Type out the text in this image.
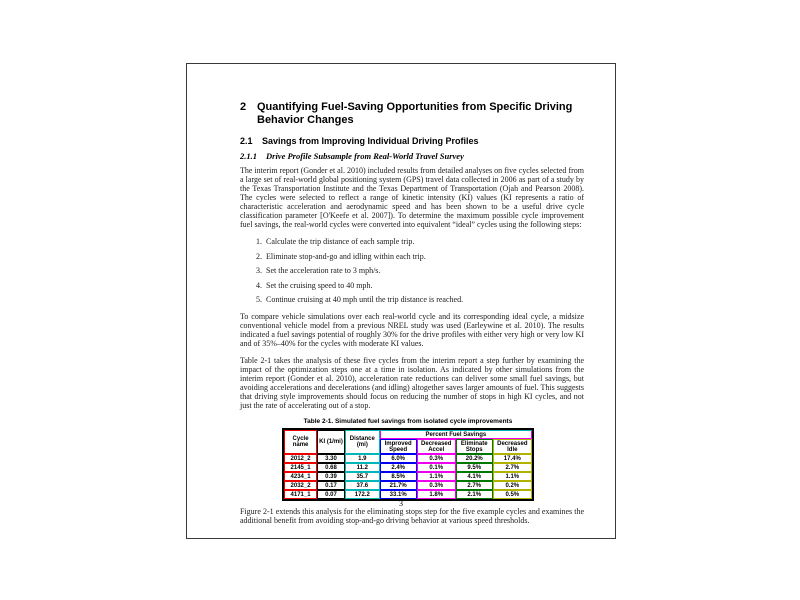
2 Quantifying Fuel-Saving Opportunities from Specific Driving Behavior Changes
2.1	Savings from Improving Individual Driving Profiles
2.1.1	Drive Profile Subsample from Real-World Travel Survey

The interim report (Gonder et al. 2010) included results from detailed analyses on five cycles selected from a large set of real-world global positioning system (GPS) travel data collected in 2006 as part of a study by the Texas Transportation Institute and the Texas Department of Transportation (Ojah and Pearson 2008). The cycles were selected to reflect a range of kinetic intensity (KI) values (KI represents a ratio of characteristic acceleration and aerodynamic speed and has been shown to be a useful drive cycle classification parameter [O'Keefe et al. 2007]). To determine the maximum possible cycle improvement fuel savings, the real-world cycles were converted into equivalent “ideal” cycles using the following steps:

1. Calculate the trip distance of each sample trip.
2. Eliminate stop-and-go and idling within each trip.
3. Set the acceleration rate to 3 mph/s.
4. Set the cruising speed to 40 mph.
5. Continue cruising at 40 mph until the trip distance is reached.

To compare vehicle simulations over each real-world cycle and its corresponding ideal cycle, a midsize conventional vehicle model from a previous NREL study was used (Earleywine et al. 2010). The results indicated a fuel savings potential of roughly 30% for the drive profiles with either very high or very low KI and of 35%–40% for the cycles with moderate KI values.

Table 2-1 takes the analysis of these five cycles from the interim report a step further by examining the impact of the optimization steps one at a time in isolation. As indicated by other simulations from the interim report (Gonder et al. 2010), acceleration rate reductions can deliver some small fuel savings, but avoiding accelerations and decelerations (and idling) altogether saves larger amounts of fuel. This suggests that driving style improvements should focus on reducing the number of stops in high KI cycles, and not just the rate of accelerating out of a stop.

Table 2-1. Simulated fuel savings from isolated cycle improvements
Cycle name	KI (1/mi)	Distance (mi)	Percent Fuel Savings			
			Improved Speed	Decreased Accel	Eliminate Stops	Decreased Idle
2012_2	3.30	1.9	6.0%	0.3%	20.2%	17.4%
2145_1	0.68	11.2	2.4%	0.1%	9.5%	2.7%
4234_1	0.39	35.7	8.5%	1.1%	4.1%	1.1%
2032_2	0.17	37.6	21.7%	0.3%	2.7%	0.2%
4171_1	0.07	172.2	33.1%	1.8%	2.1%	0.5%

Figure 2-1 extends this analysis for the eliminating stops step for the five example cycles and examines the additional benefit from avoiding stop-and-go driving behavior at various speed thresholds.

3
